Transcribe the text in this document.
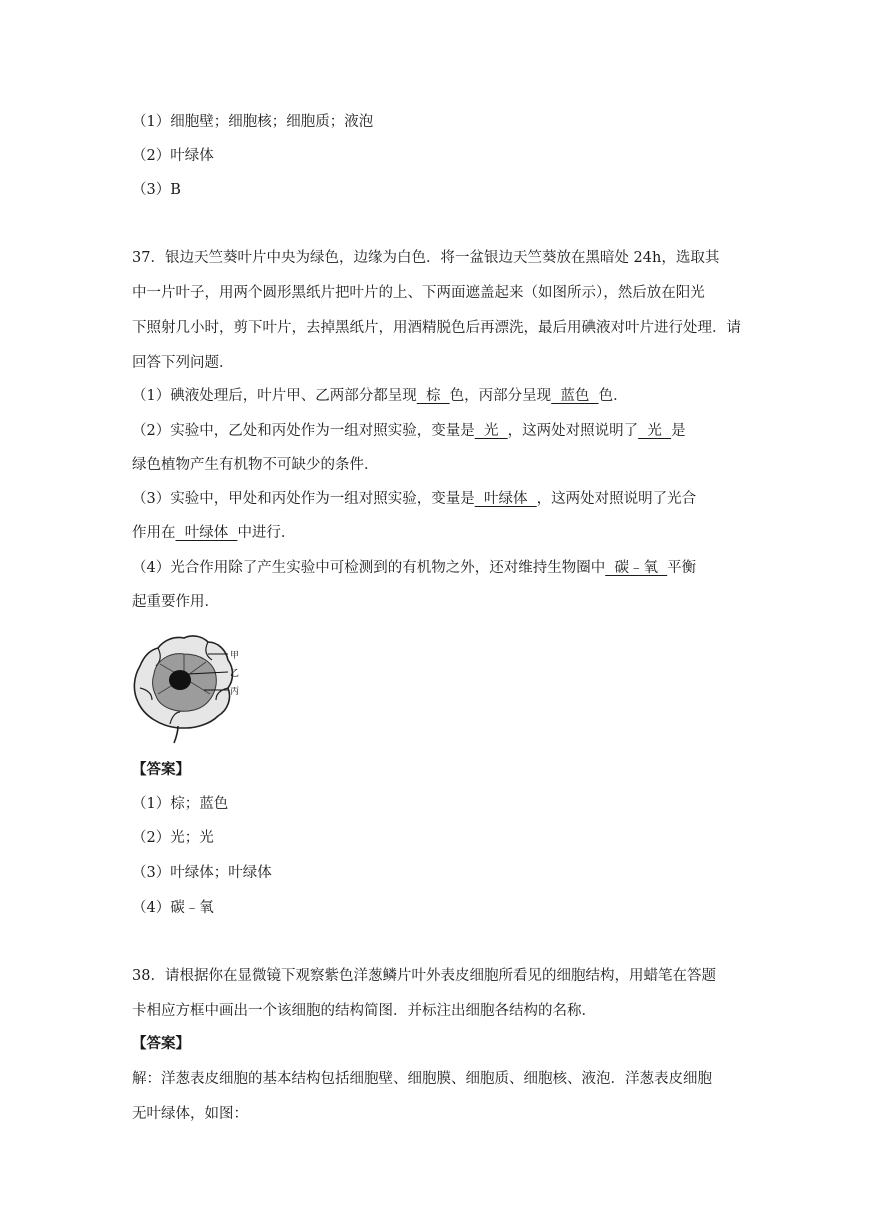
（1）细胞壁；细胞核；细胞质；液泡
（2）叶绿体
（3）B
37．银边天竺葵叶片中央为绿色，边缘为白色．将一盆银边天竺葵放在黑暗处 24h，选取其
中一片叶子，用两个圆形黑纸片把叶片的上、下两面遮盖起来（如图所示），然后放在阳光
下照射几小时，剪下叶片，去掉黑纸片，用酒精脱色后再漂洗，最后用碘液对叶片进行处理．请
回答下列问题．
（1）碘液处理后，叶片甲、乙两部分都呈现  棕  色，丙部分呈现  蓝色  色．
（2）实验中，乙处和丙处作为一组对照实验，变量是  光  ，这两处对照说明了  光  是
绿色植物产生有机物不可缺少的条件．
（3）实验中，甲处和丙处作为一组对照实验，变量是  叶绿体  ，这两处对照说明了光合
作用在  叶绿体  中进行．
（4）光合作用除了产生实验中可检测到的有机物之外，还对维持生物圈中  碳﹣氧  平衡
起重要作用．
甲
乙
丙
【答案】
（1）棕；蓝色
（2）光；光
（3）叶绿体；叶绿体
（4）碳﹣氧
38．请根据你在显微镜下观察紫色洋葱鳞片叶外表皮细胞所看见的细胞结构，用蜡笔在答题
卡相应方框中画出一个该细胞的结构简图．并标注出细胞各结构的名称．
【答案】
解：洋葱表皮细胞的基本结构包括细胞壁、细胞膜、细胞质、细胞核、液泡．洋葱表皮细胞
无叶绿体，如图：
